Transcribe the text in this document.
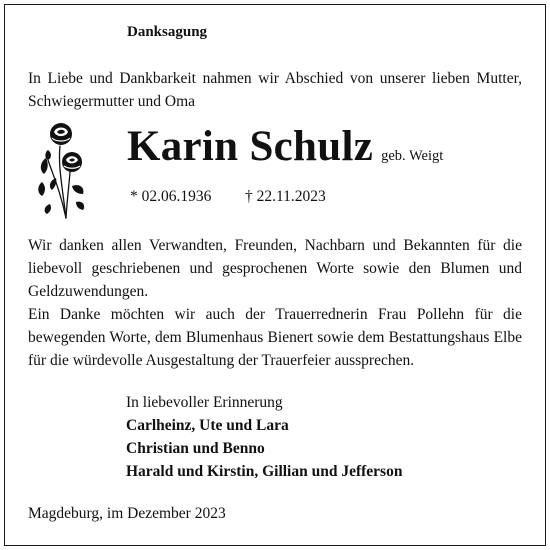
Danksagung
In Liebe und Dankbarkeit nahmen wir Abschied von unserer lieben Mutter, Schwiegermutter und Oma
Karin Schulz geb. Weigt
* 02.06.1936 † 22.11.2023

Wir danken allen Verwandten, Freunden, Nachbarn und Bekannten für die liebevoll geschriebenen und gesprochenen Worte sowie den Blumen und Geldzuwendungen.

Ein Danke möchten wir auch der Trauerrednerin Frau Pollehn für die bewegenden Worte, dem Blumenhaus Bienert sowie dem Bestattungshaus Elbe für die würdevolle Ausgestaltung der Trauerfeier aussprechen.

In liebevoller Erinnerung
Carlheinz, Ute und Lara
Christian und Benno
Harald und Kirstin, Gillian und Jefferson
Magdeburg, im Dezember 2023
